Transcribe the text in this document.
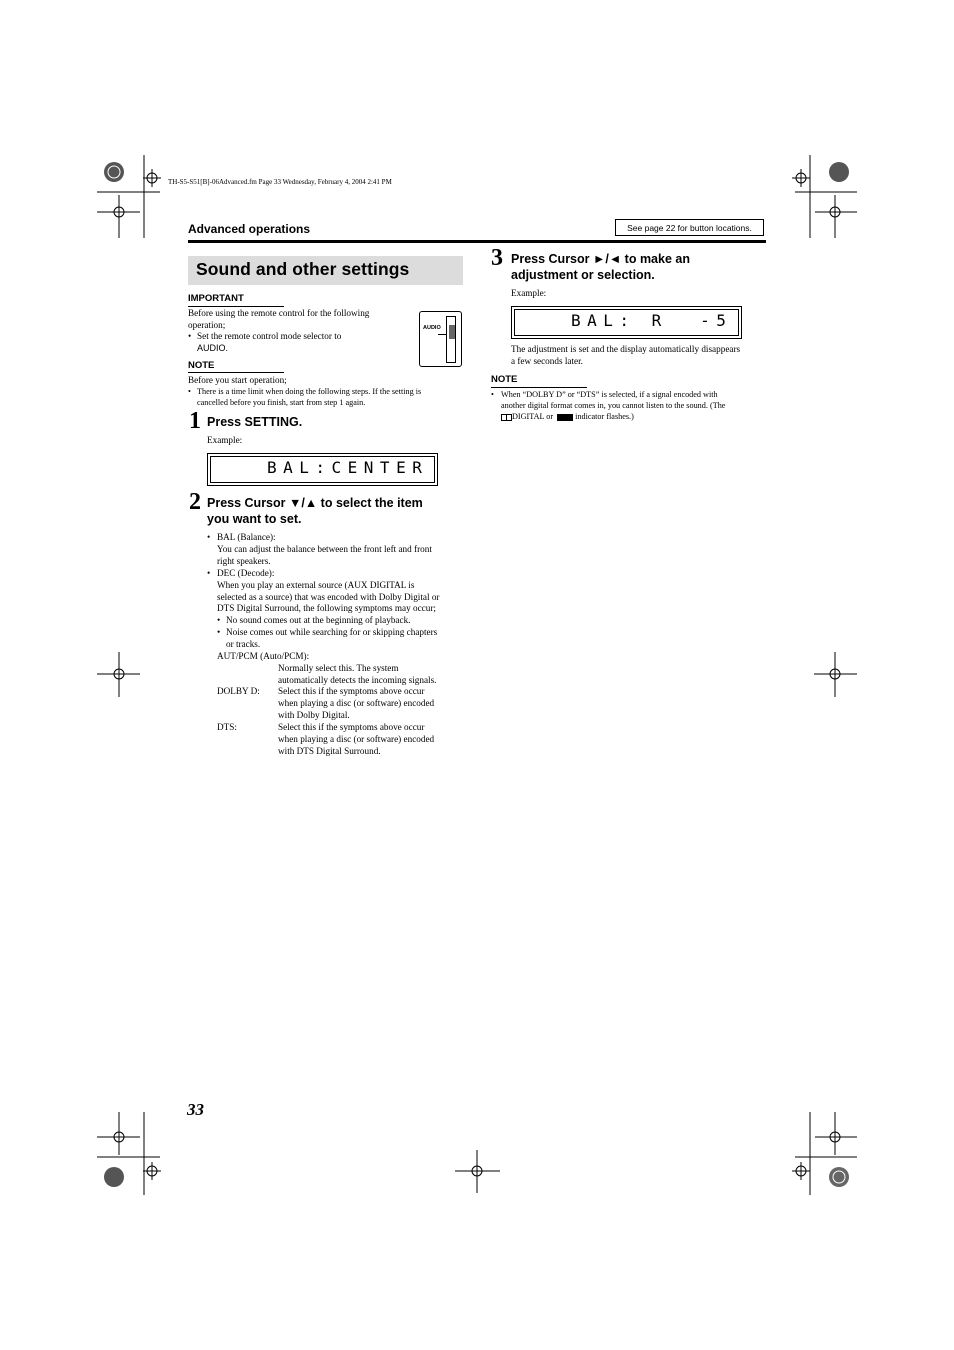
TH-S5-S51[B]-06Advanced.fm Page 33 Wednesday, February 4, 2004 2:41 PM
Advanced operations	See page 22 for button locations.
Sound and other settings
IMPORTANT
Before using the remote control for the following
operation;
• Set the remote control mode selector to
AUDIO.
AUDIO
NOTE
Before you start operation;
• There is a time limit when doing the following steps. If the setting is
cancelled before you finish, start from step 1 again.
1 Press SETTING.
Example:
BAL:CENTER
2 Press Cursor ▼/▲ to select the item
you want to set.
• BAL (Balance):
You can adjust the balance between the front left and front
right speakers.
• DEC (Decode):
When you play an external source (AUX DIGITAL is
selected as a source) that was encoded with Dolby Digital or
DTS Digital Surround, the following symptoms may occur;
• No sound comes out at the beginning of playback.
• Noise comes out while searching for or skipping chapters
or tracks.
AUT/PCM (Auto/PCM):
Normally select this. The system
automatically detects the incoming signals.
DOLBY D: Select this if the symptoms above occur
when playing a disc (or software) encoded
with Dolby Digital.
DTS:	Select this if the symptoms above occur
when playing a disc (or software) encoded
with DTS Digital Surround.
3 Press Cursor ►/◄ to make an
adjustment or selection.
Example:
BAL: R  -5
The adjustment is set and the display automatically disappears
a few seconds later.
NOTE
• When “DOLBY D” or “DTS” is selected, if a signal encoded with
another digital format comes in, you cannot listen to the sound. (The
DIGITAL or	indicator flashes.)
33
